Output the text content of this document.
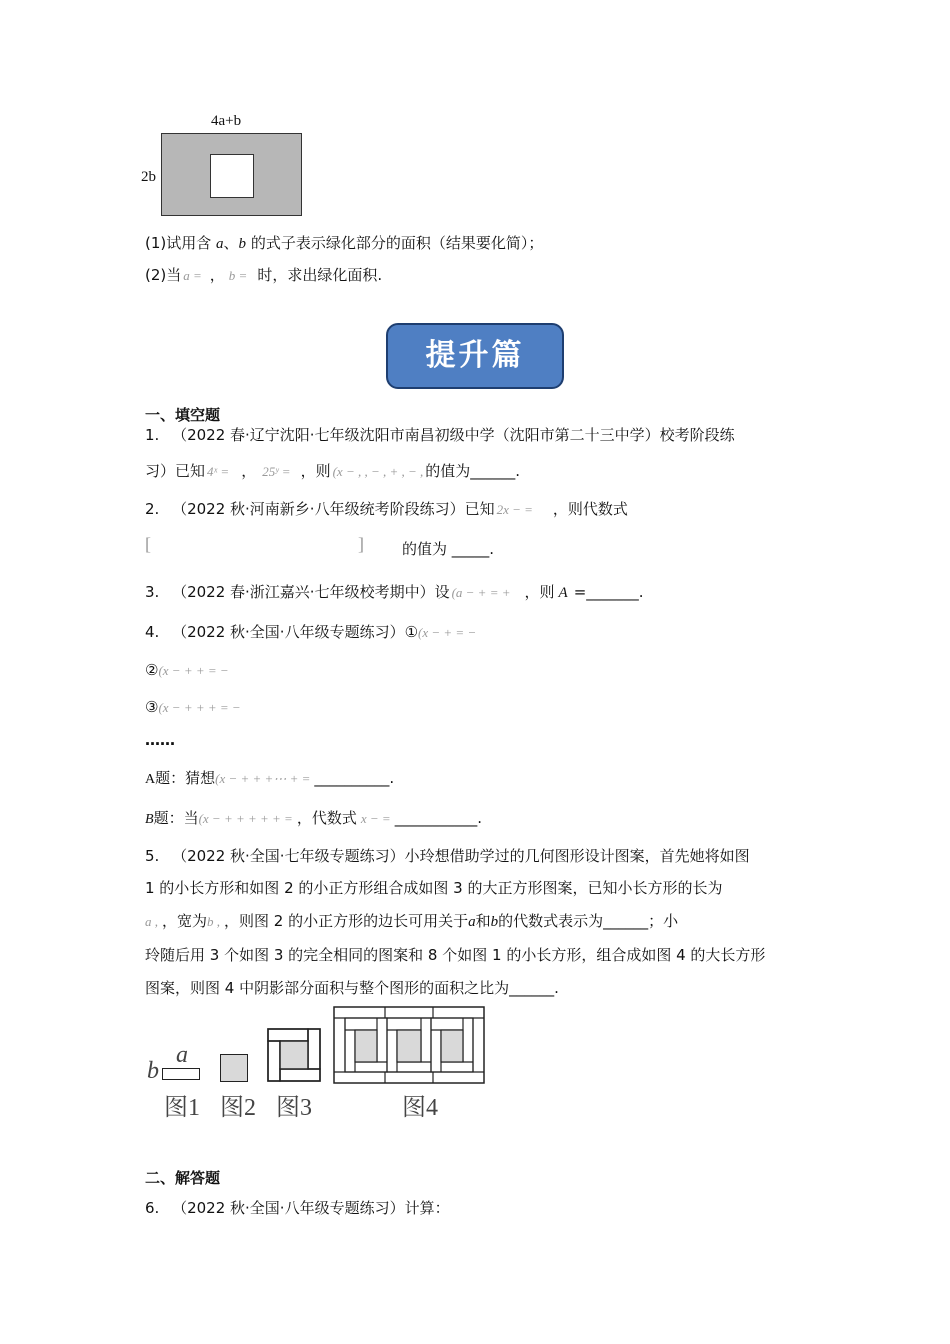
4a+b
2b
(1)试用含 a、b 的式子表示绿化部分的面积（结果要化简）；
(2)当 a = ， b = 时，求出绿化面积.
提升篇
一、填空题
1. （2022 春·辽宁沈阳·七年级沈阳市南昌初级中学（沈阳市第二十三中学）校考阶段练
习）已知 4ˣ = ， 25ʸ = ，则 (x − , , − , + , − , 的值为______.
2. （2022 秋·河南新乡·八年级统考阶段练习）已知 2x − = ，则代数式
[	]	的值为 _____.
3. （2022 春·浙江嘉兴·七年级校考期中）设 (a − + = + ，则 A =_______.
4. （2022 秋·全国·八年级专题练习）①(x − + = −
②(x − + + = −
③(x − + + + = −
……
A题：猜想(x − + + +⋯ + = __________.
B题：当(x − + + + + + = ，代数式 x − = ___________.
5. （2022 秋·全国·七年级专题练习）小玲想借助学过的几何图形设计图案，首先她将如图
1 的小长方形和如图 2 的小正方形组合成如图 3 的大正方形图案，已知小长方形的长为
a , ，宽为b , ，则图 2 的小正方形的边长可用关于a和b的代数式表示为______；小
玲随后用 3 个如图 3 的完全相同的图案和 8 个如图 1 的小长方形，组合成如图 4 的大长方形
图案，则图 4 中阴影部分面积与整个图形的面积之比为______.
b
a
图1 图2 图3	图4
二、解答题
6. （2022 秋·全国·八年级专题练习）计算：
